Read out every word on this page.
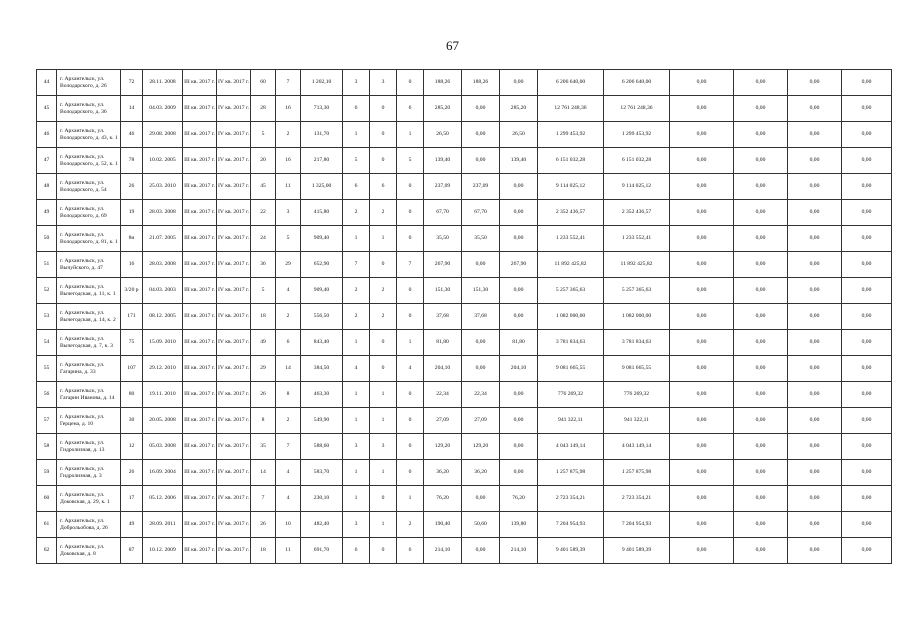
67
44	г. Архангельск, ул. Володарского, д. 26	72	28.11. 2008	III кв. 2017 г.	IV кв. 2017 г.	60	7	1 202,10	3	3	0	188,26	188,26	0,00	6 206 640,00	6 206 640,00	0,00	0,00	0,00	0,00
45	г. Архангельск, ул. Володарского, д. 36	14	04.03. 2009	III кв. 2017 г.	IV кв. 2017 г.	28	16	713,30	6	0	6	285,20	0,00	285,20	12 761 248,36	12 761 248,36	0,00	0,00	0,00	0,00
46	г. Архангельск, ул. Володарского, д. 43, к. 1	46	29.08. 2008	III кв. 2017 г.	IV кв. 2017 г.	5	2	131,70	1	0	1	26,50	0,00	26,50	1 299 453,92	1 299 453,92	0,00	0,00	0,00	0,00
47	г. Архангельск, ул. Володарского, д. 52, к. 1	78	10.02. 2005	III кв. 2017 г.	IV кв. 2017 г.	20	16	217,80	5	0	5	139,40	0,00	139,40	6 151 032,28	6 151 032,28	0,00	0,00	0,00	0,00
48	г. Архангельск, ул. Володарского, д. 54	26	25.03. 2010	III кв. 2017 г.	IV кв. 2017 г.	45	11	1 325,00	6	6	0	237,09	237,09	0,00	9 114 025,12	9 114 025,12	0,00	0,00	0,00	0,00
49	г. Архангельск, ул. Володарского, д. 69	19	28.03. 2008	III кв. 2017 г.	IV кв. 2017 г.	22	3	415,80	2	2	0	67,70	67,70	0,00	2 352 436,57	2 352 436,57	0,00	0,00	0,00	0,00
50	г. Архангельск, ул. Володарского, д. 81, к. 1	8и	21.07. 2005	III кв. 2017 г.	IV кв. 2017 г.	24	5	909,40	1	1	0	35,50	35,50	0,00	1 233 552,41	1 233 552,41	0,00	0,00	0,00	0,00
51	г. Архангельск, ул. Вычуйского, д. 47	16	28.03. 2008	III кв. 2017 г.	IV кв. 2017 г.	36	29	652,90	7	0	7	267,90	0,00	267,90	11 892 425,82	11 892 425,82	0,00	0,00	0,00	0,00
52	г. Архангельск, ул. Вычегодская, д. 11, к. 1	3/20 р	04.03. 2003	III кв. 2017 г.	IV кв. 2017 г.	5	4	909,40	2	2	0	151,30	151,30	0,00	5 257 365,63	5 257 365,63	0,00	0,00	0,00	0,00
53	г. Архангельск, ул. Вычегодская, д. 14, к. 2	171	08.12. 2005	III кв. 2017 г.	IV кв. 2017 г.	18	2	556,50	2	2	0	37,68	37,68	0,00	1 082 000,00	1 082 000,00	0,00	0,00	0,00	0,00
54	г. Архангельск, ул. Вычегодская, д. 7, к. 3	75	15.09. 2010	III кв. 2017 г.	IV кв. 2017 г.	49	6	843,40	1	0	1	81,80	0,00	81,80	3 781 834,63	3 781 834,63	0,00	0,00	0,00	0,00
55	г. Архангельск, ул. Гагарина, д. 33	107	29.12. 2010	III кв. 2017 г.	IV кв. 2017 г.	29	14	384,50	4	0	4	204,10	0,00	204,10	9 081 665,55	9 081 665,55	0,00	0,00	0,00	0,00
56	г. Архангельск, ул. Гагарин Иванова, д. 14	80	19.11. 2010	III кв. 2017 г.	IV кв. 2017 г.	26	8	463,30	1	1	0	22,34	22,34	0,00	776 269,32	776 269,32	0,00	0,00	0,00	0,00
57	г. Архангельск, ул. Герцена, д. 10	30	20.05. 2008	III кв. 2017 г.	IV кв. 2017 г.	8	2	549,90	1	1	0	27,09	27,09	0,00	941 322,11	941 322,11	0,00	0,00	0,00	0,00
58	г. Архангельск, ул. Гидролизная, д. 13	12	05.03. 2008	III кв. 2017 г.	IV кв. 2017 г.	35	7	588,60	3	3	0	129,20	129,20	0,00	4 043 149,14	4 043 149,14	0,00	0,00	0,00	0,00
59	г. Архангельск, ул. Гидролизная, д. 3	26	16.09. 2004	III кв. 2017 г.	IV кв. 2017 г.	14	4	583,70	1	1	0	36,20	36,20	0,00	1 257 875,98	1 257 875,98	0,00	0,00	0,00	0,00
60	г. Архангельск, ул. Доковская, д. 29, к. 1	17	05.12. 2006	III кв. 2017 г.	IV кв. 2017 г.	7	4	230,10	1	0	1	76,20	0,00	76,20	2 723 354,21	2 723 354,21	0,00	0,00	0,00	0,00
61	г. Архангельск, ул. Доброльобова, д. 26	49	28.09. 2011	III кв. 2017 г.	IV кв. 2017 г.	26	10	482,40	3	1	2	190,40	50,60	139,80	7 204 954,93	7 204 954,93	0,00	0,00	0,00	0,00
62	г. Архангельск, ул. Доковская, д. 8	87	10.12. 2009	III кв. 2017 г.	IV кв. 2017 г.	18	11	691,70	6	0	6	214,10	0,00	214,10	9 401 589,39	9 401 589,39	0,00	0,00	0,00	0,00
